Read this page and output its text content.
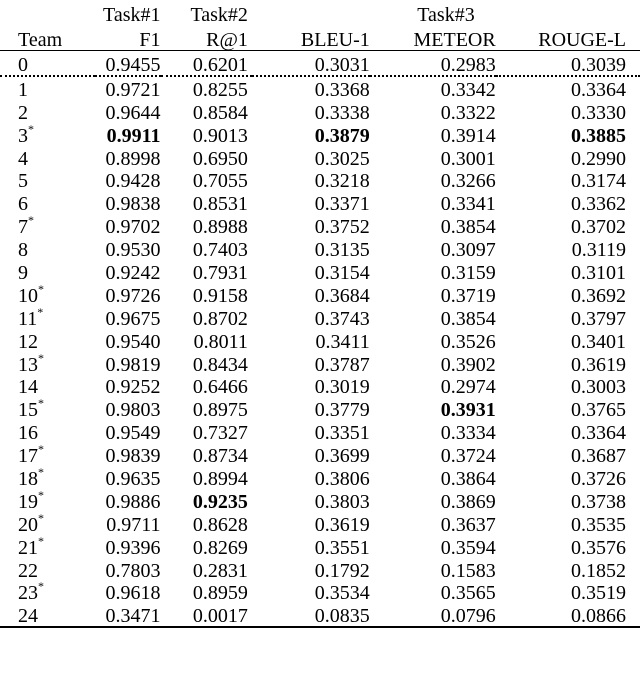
	Task#1	Task#2	Task#3		
Team	F1	R@1	BLEU-1	METEOR	ROUGE-L
0	0.9455	0.6201	0.3031	0.2983	0.3039
1	0.9721	0.8255	0.3368	0.3342	0.3364
2	0.9644	0.8584	0.3338	0.3322	0.3330
3*	0.9911	0.9013	0.3879	0.3914	0.3885
4	0.8998	0.6950	0.3025	0.3001	0.2990
5	0.9428	0.7055	0.3218	0.3266	0.3174
6	0.9838	0.8531	0.3371	0.3341	0.3362
7*	0.9702	0.8988	0.3752	0.3854	0.3702
8	0.9530	0.7403	0.3135	0.3097	0.3119
9	0.9242	0.7931	0.3154	0.3159	0.3101
10*	0.9726	0.9158	0.3684	0.3719	0.3692
11*	0.9675	0.8702	0.3743	0.3854	0.3797
12	0.9540	0.8011	0.3411	0.3526	0.3401
13*	0.9819	0.8434	0.3787	0.3902	0.3619
14	0.9252	0.6466	0.3019	0.2974	0.3003
15*	0.9803	0.8975	0.3779	0.3931	0.3765
16	0.9549	0.7327	0.3351	0.3334	0.3364
17*	0.9839	0.8734	0.3699	0.3724	0.3687
18*	0.9635	0.8994	0.3806	0.3864	0.3726
19*	0.9886	0.9235	0.3803	0.3869	0.3738
20*	0.9711	0.8628	0.3619	0.3637	0.3535
21*	0.9396	0.8269	0.3551	0.3594	0.3576
22	0.7803	0.2831	0.1792	0.1583	0.1852
23*	0.9618	0.8959	0.3534	0.3565	0.3519
24	0.3471	0.0017	0.0835	0.0796	0.0866
